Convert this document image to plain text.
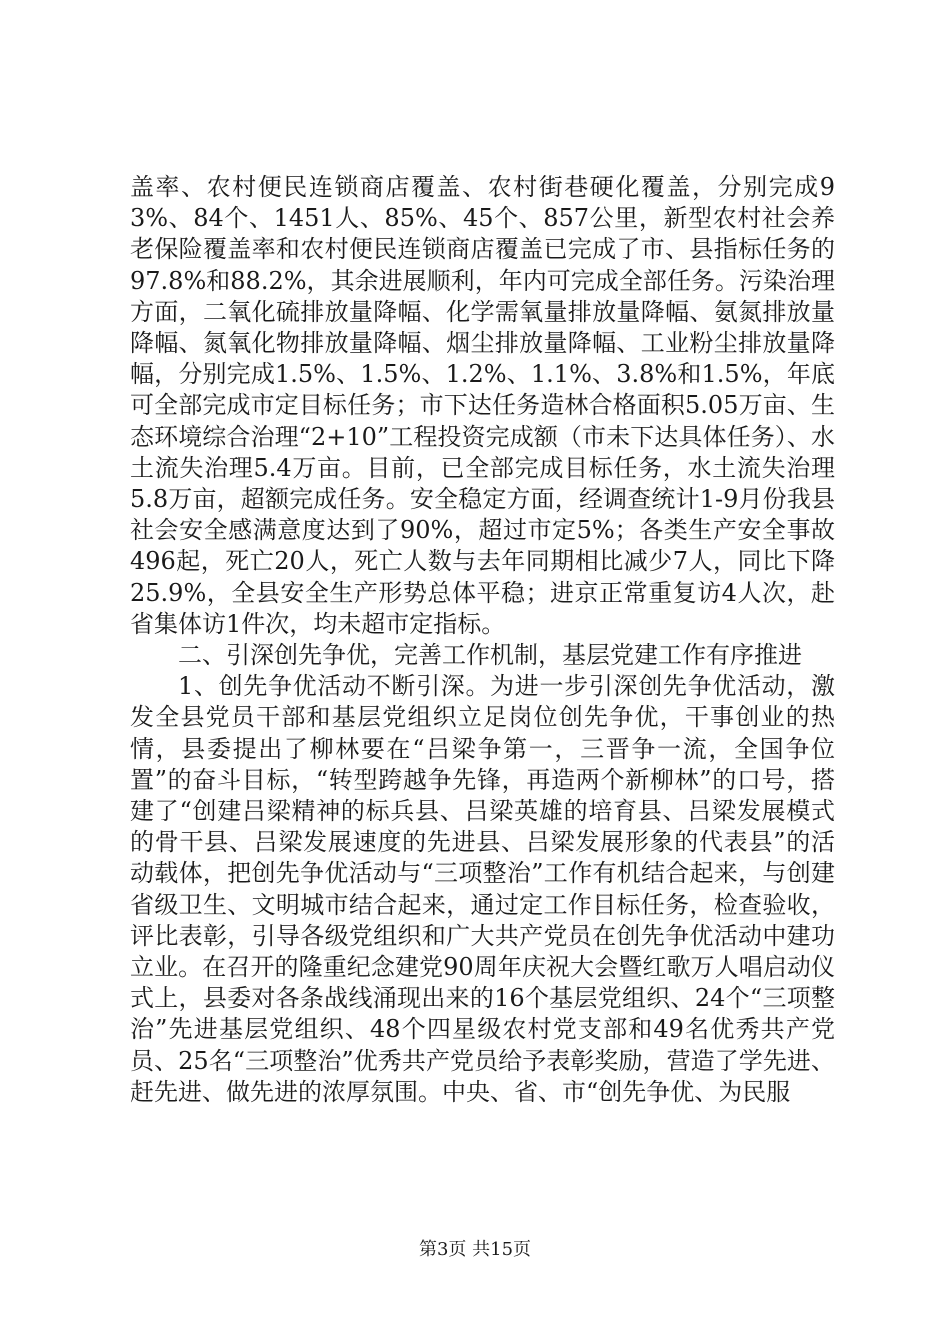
盖率、农村便民连锁商店覆盖、农村街巷硬化覆盖，分别完成93%、84个、1451人、85%、45个、857公里，新型农村社会养老保险覆盖率和农村便民连锁商店覆盖已完成了市、县指标任务的97.8%和88.2%，其余进展顺利，年内可完成全部任务。污染治理方面，二氧化硫排放量降幅、化学需氧量排放量降幅、氨氮排放量降幅、氮氧化物排放量降幅、烟尘排放量降幅、工业粉尘排放量降幅，分别完成1.5%、1.5%、1.2%、1.1%、3.8%和1.5%，年底可全部完成市定目标任务；市下达任务造林合格面积5.05万亩、生态环境综合治理“2+10”工程投资完成额（市未下达具体任务）、水土流失治理5.4万亩。目前，已全部完成目标任务，水土流失治理5.8万亩，超额完成任务。安全稳定方面，经调查统计1-9月份我县社会安全感满意度达到了90%，超过市定5%；各类生产安全事故496起，死亡20人，死亡人数与去年同期相比减少7人，同比下降25.9%，全县安全生产形势总体平稳；进京正常重复访4人次，赴省集体访1件次，均未超市定指标。

二、引深创先争优，完善工作机制，基层党建工作有序推进

1、创先争优活动不断引深。为进一步引深创先争优活动，激发全县党员干部和基层党组织立足岗位创先争优，干事创业的热情，县委提出了柳林要在“吕梁争第一，三晋争一流，全国争位置”的奋斗目标，“转型跨越争先锋，再造两个新柳林”的口号，搭建了“创建吕梁精神的标兵县、吕梁英雄的培育县、吕梁发展模式的骨干县、吕梁发展速度的先进县、吕梁发展形象的代表县”的活动载体，把创先争优活动与“三项整治”工作有机结合起来，与创建省级卫生、文明城市结合起来，通过定工作目标任务，检查验收，评比表彰，引导各级党组织和广大共产党员在创先争优活动中建功立业。在召开的隆重纪念建党90周年庆祝大会暨红歌万人唱启动仪式上，县委对各条战线涌现出来的16个基层党组织、24个“三项整治”先进基层党组织、48个四星级农村党支部和49名优秀共产党员、25名“三项整治”优秀共产党员给予表彰奖励，营造了学先进、赶先进、做先进的浓厚氛围。中央、省、市“创先争优、为民服

第3页 共15页
